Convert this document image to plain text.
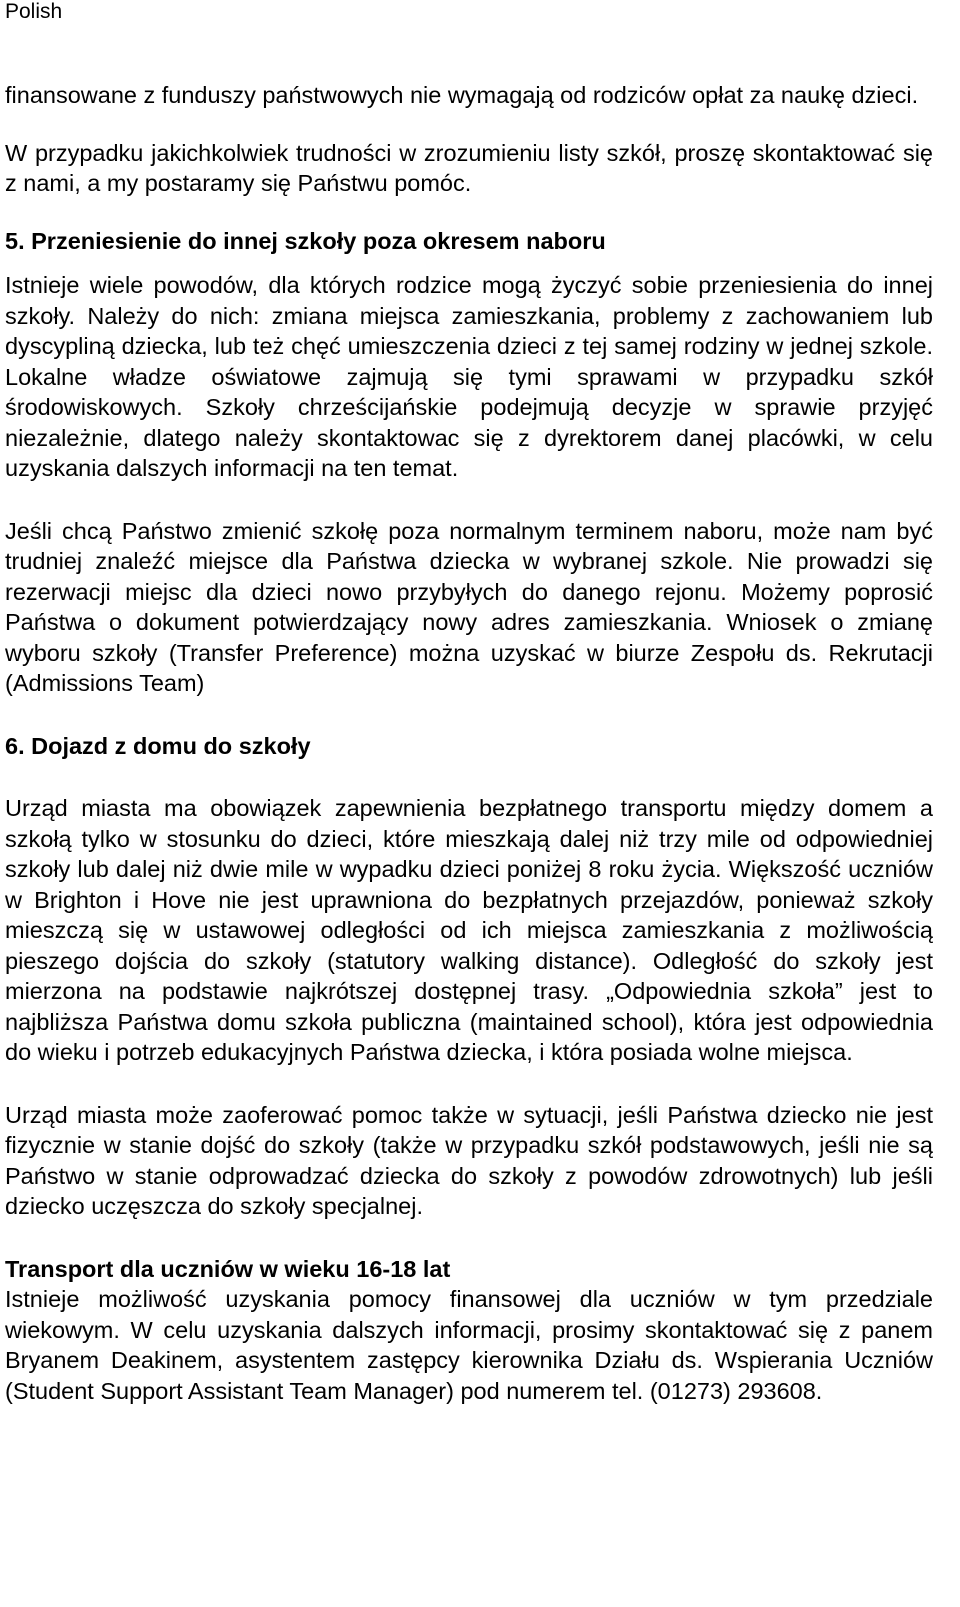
Polish

finansowane z funduszy państwowych nie wymagają od rodziców opłat za naukę dzieci.

W przypadku jakichkolwiek trudności w zrozumieniu listy szkół, proszę skontaktować się z nami, a my postaramy się Państwu pomóc.

5. Przeniesienie do innej szkoły poza okresem naboru

Istnieje wiele powodów, dla których rodzice mogą życzyć sobie przeniesienia do innej szkoły. Należy do nich: zmiana miejsca zamieszkania, problemy z zachowaniem lub dyscypliną dziecka, lub też chęć umieszczenia dzieci z tej samej rodziny w jednej szkole. Lokalne władze oświatowe zajmują się tymi sprawami w przypadku szkół środowiskowych. Szkoły chrześcijańskie podejmują decyzje w sprawie przyjęć niezależnie, dlatego należy skontaktowac się z dyrektorem danej placówki, w celu uzyskania dalszych informacji na ten temat.

Jeśli chcą Państwo zmienić szkołę poza normalnym terminem naboru, może nam być trudniej znaleźć miejsce dla Państwa dziecka w wybranej szkole. Nie prowadzi się rezerwacji miejsc dla dzieci nowo przybyłych do danego rejonu. Możemy poprosić Państwa o dokument potwierdzający nowy adres zamieszkania. Wniosek o zmianę wyboru szkoły (Transfer Preference) można uzyskać w biurze Zespołu ds. Rekrutacji (Admissions Team)

6. Dojazd z domu do szkoły

Urząd miasta ma obowiązek zapewnienia bezpłatnego transportu między domem a szkołą tylko w stosunku do dzieci, które mieszkają dalej niż trzy mile od odpowiedniej szkoły lub dalej niż dwie mile w wypadku dzieci poniżej 8 roku życia. Większość uczniów w Brighton i Hove nie jest uprawniona do bezpłatnych przejazdów, ponieważ szkoły mieszczą się w ustawowej odległości od ich miejsca zamieszkania z możliwością pieszego dojścia do szkoły (statutory walking distance). Odległość do szkoły jest mierzona na podstawie najkrótszej dostępnej trasy. „Odpowiednia szkoła” jest to najbliższa Państwa domu szkoła publiczna (maintained school), która jest odpowiednia do wieku i potrzeb edukacyjnych Państwa dziecka, i która posiada wolne miejsca.

Urząd miasta może zaoferować pomoc także w sytuacji, jeśli Państwa dziecko nie jest fizycznie w stanie dojść do szkoły (także w przypadku szkół podstawowych, jeśli nie są Państwo w stanie odprowadzać dziecka do szkoły z powodów zdrowotnych) lub jeśli dziecko uczęszcza do szkoły specjalnej.

Transport dla uczniów w wieku 16-18 lat

Istnieje możliwość uzyskania pomocy finansowej dla uczniów w tym przedziale wiekowym. W celu uzyskania dalszych informacji, prosimy skontaktować się z panem Bryanem Deakinem, asystentem zastępcy kierownika Działu ds. Wspierania Uczniów (Student Support Assistant Team Manager) pod numerem tel. (01273) 293608.
